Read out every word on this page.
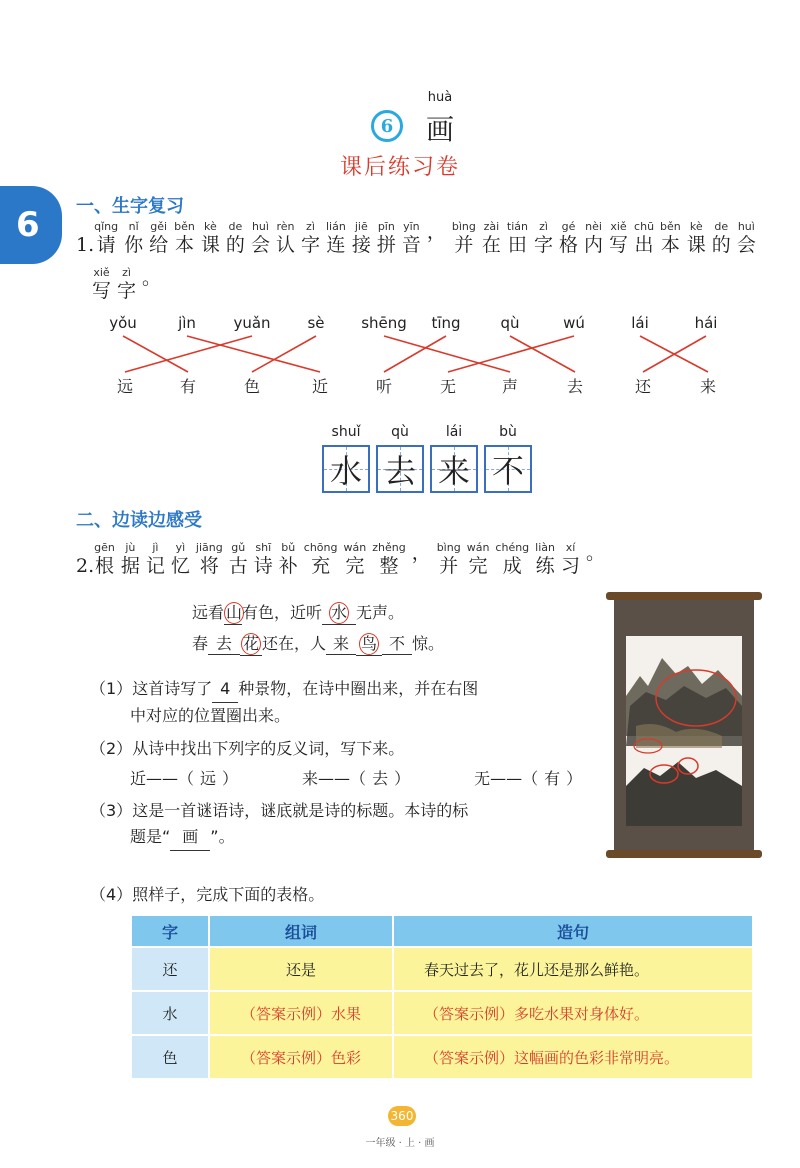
6
huà
画
课后练习卷
6 一、生字复习
1.
qǐng
请
nǐ
你
gěi
给
běn
本
kè
课
de
的
huì
会
rèn
认
zì
字
lián
连
jiē
接
pīn
拼
yīn
音
， bìng
并
zài
在
tián
田
zì
字
gé
格
nèi
内
xiě
写
chū
出
běn
本
kè
课
de
的
huì
会
xiě
写
zì
字
。
yǒu	jìn	yuǎn	sè	shēng	tīng	qù	wú	lái	hái
远	有	色	近	听	无	声	去	还	来
shuǐ	qù	lái	bù
水 去 来 不
二、边读边感受
2.
gēn
根
jù
据
jì
记
yì
忆
jiāng
将
gǔ
古
shī
诗
bǔ
补
chōng
充
wán
完
zhěng
整
， bìng
并
wán
完
chéng
成
liàn
练
xí
习
。
远看 山有色，近听 水 无声。
春 去 花 还在，人 来 鸟 不 惊。
（1）这首诗写了 4 种景物，在诗中圈出来，并在右图
中对应的位置圈出来。
（2）从诗中找出下列字的反义词，写下来。
近——（ 远 ）	来——（ 去 ）	无——（ 有 ）
（3）这是一首谜语诗，谜底就是诗的标题。本诗的标
题是“ 画 ”。
（4）照样子，完成下面的表格。
字	组词	造句
还	还是	春天过去了，花儿还是那么鲜艳。
水	（答案示例）水果	（答案示例）多吃水果对身体好。
色	（答案示例）色彩	（答案示例）这幅画的色彩非常明亮。
360
一年级 · 上 · 画
